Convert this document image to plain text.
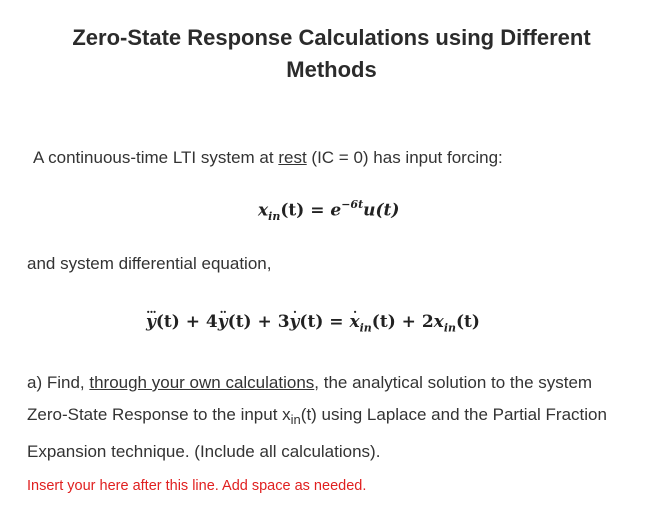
Zero-State Response Calculations using Different
Methods
A continuous-time LTI system at rest (IC = 0) has input forcing:
$x_{in}(t) = e^{-6t}u(t)$
and system differential equation,
...
y(t) + 4
..
y(t) + 3
.
y(t) =
.
$x_{in}(t) + 2x_{in}(t)$
a) Find, through your own calculations, the analytical solution to the system Zero-State Response to the input $x_{in}(t)$ using Laplace and the Partial Fraction Expansion technique. (Include all calculations).
Insert your here after this line. Add space as needed.
